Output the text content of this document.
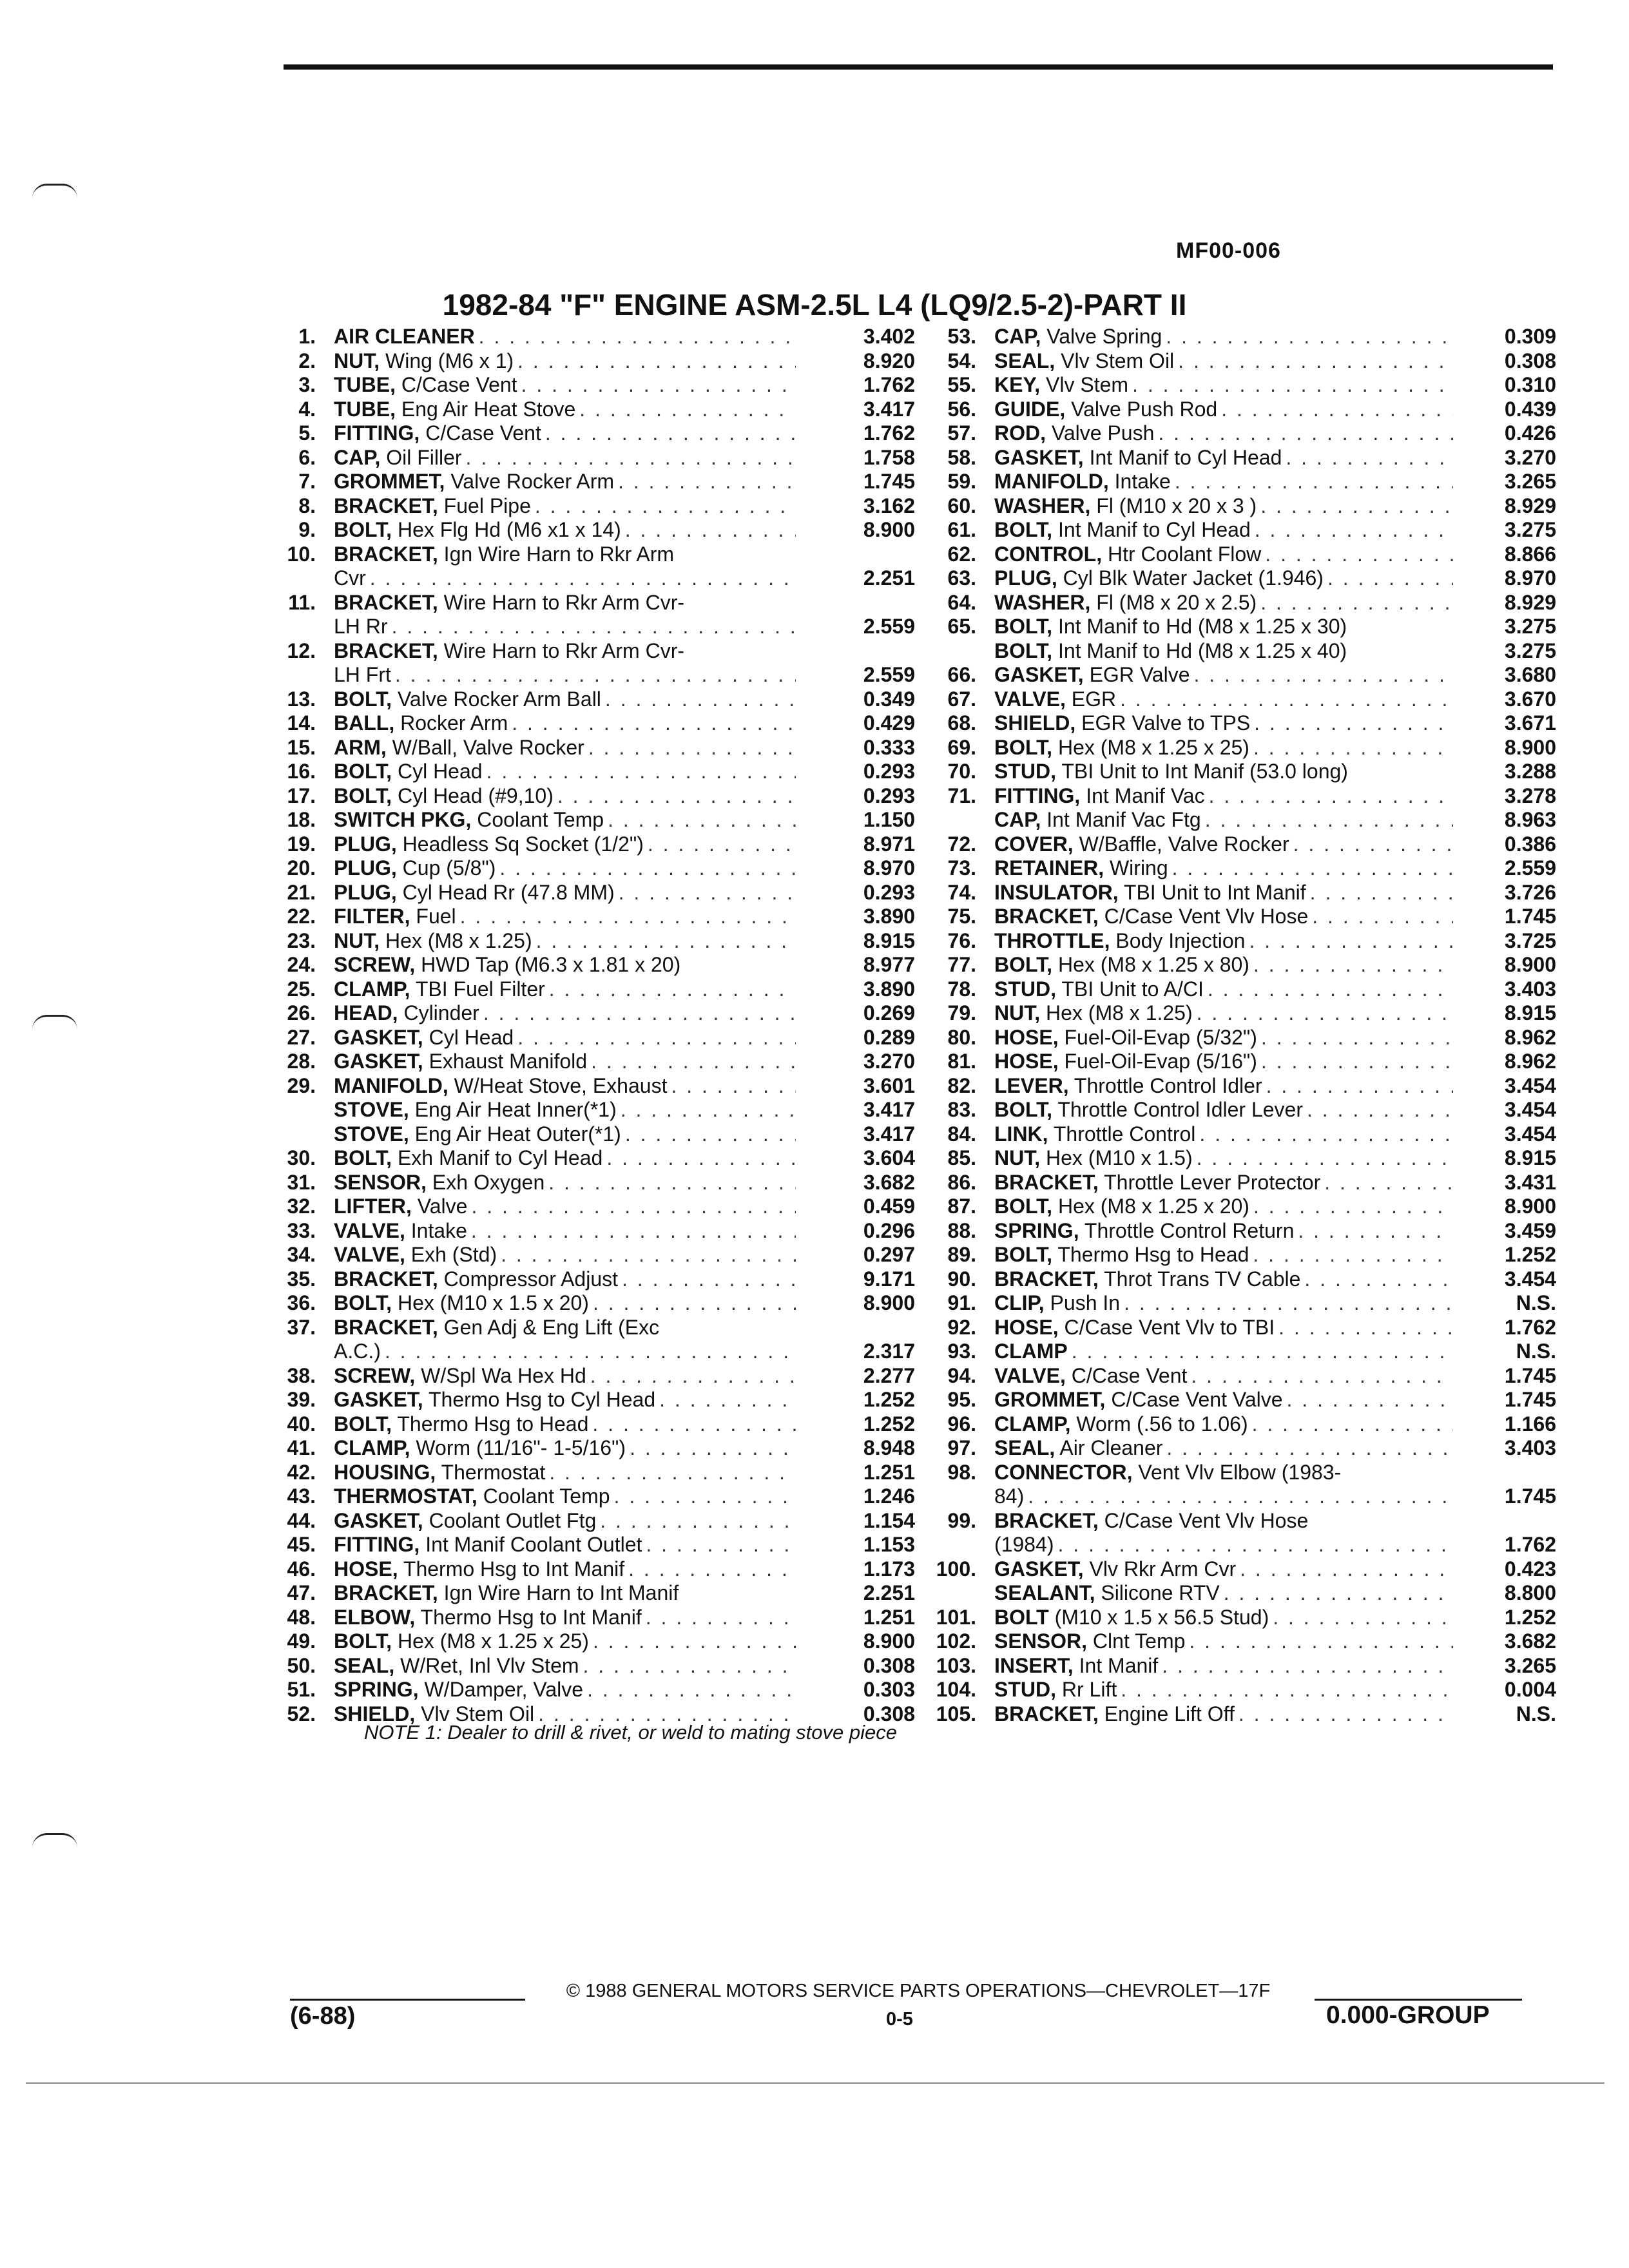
MF00-006
1982-84 "F" ENGINE ASM-2.5L L4 (LQ9/2.5-2)-PART II
1. AIR CLEANER . . .	3.402
2. NUT, Wing (M6 x 1) . . .	8.920
3. TUBE, C/Case Vent . . .	1.762
4. TUBE, Eng Air Heat Stove . . .	3.417
5. FITTING, C/Case Vent . . .	1.762
6. CAP, Oil Filler . . .	1.758
7. GROMMET, Valve Rocker Arm . . .	1.745
8. BRACKET, Fuel Pipe . . .	3.162
9. BOLT, Hex Flg Hd (M6 x1 x 14) . . .	8.900
10. BRACKET, Ign Wire Harn to Rkr Arm
Cvr . . .	2.251
11. BRACKET, Wire Harn to Rkr Arm Cvr-
LH Rr . . .	2.559
12. BRACKET, Wire Harn to Rkr Arm Cvr-
LH Frt . . .	2.559
13. BOLT, Valve Rocker Arm Ball . . .	0.349
14. BALL, Rocker Arm . . .	0.429
15. ARM, W/Ball, Valve Rocker . . .	0.333
16. BOLT, Cyl Head . . .	0.293
17. BOLT, Cyl Head (#9,10) . . .	0.293
18. SWITCH PKG, Coolant Temp . . .	1.150
19. PLUG, Headless Sq Socket (1/2") . . .	8.971
20. PLUG, Cup (5/8") . . .	8.970
21. PLUG, Cyl Head Rr (47.8 MM) . . .	0.293
22. FILTER, Fuel . . .	3.890
23. NUT, Hex (M8 x 1.25) . . .	8.915
24. SCREW, HWD Tap (M6.3 x 1.81 x 20)	8.977
25. CLAMP, TBI Fuel Filter . . .	3.890
26. HEAD, Cylinder . . .	0.269
27. GASKET, Cyl Head . . .	0.289
28. GASKET, Exhaust Manifold . . .	3.270
29. MANIFOLD, W/Heat Stove, Exhaust . . .	3.601
STOVE, Eng Air Heat Inner(*1) . . .	3.417
STOVE, Eng Air Heat Outer(*1) . . .	3.417
30. BOLT, Exh Manif to Cyl Head . . .	3.604
31. SENSOR, Exh Oxygen . . .	3.682
32. LIFTER, Valve . . .	0.459
33. VALVE, Intake . . .	0.296
34. VALVE, Exh (Std) . . .	0.297
35. BRACKET, Compressor Adjust . . .	9.171
36. BOLT, Hex (M10 x 1.5 x 20) . . .	8.900
37. BRACKET, Gen Adj & Eng Lift (Exc
A.C.) . . .	2.317
38. SCREW, W/Spl Wa Hex Hd . . .	2.277
39. GASKET, Thermo Hsg to Cyl Head . . .	1.252
40. BOLT, Thermo Hsg to Head . . .	1.252
41. CLAMP, Worm (11/16"- 1-5/16") . . .	8.948
42. HOUSING, Thermostat . . .	1.251
43. THERMOSTAT, Coolant Temp . . .	1.246
44. GASKET, Coolant Outlet Ftg . . .	1.154
45. FITTING, Int Manif Coolant Outlet . . .	1.153
46. HOSE, Thermo Hsg to Int Manif . . .	1.173
47. BRACKET, Ign Wire Harn to Int Manif	2.251
48. ELBOW, Thermo Hsg to Int Manif . . .	1.251
49. BOLT, Hex (M8 x 1.25 x 25) . . .	8.900
50. SEAL, W/Ret, Inl Vlv Stem . . .	0.308
51. SPRING, W/Damper, Valve . . .	0.303
52. SHIELD, Vlv Stem Oil . . .	0.308
53. CAP, Valve Spring . . .	0.309
54. SEAL, Vlv Stem Oil . . .	0.308
55. KEY, Vlv Stem . . .	0.310
56. GUIDE, Valve Push Rod . . .	0.439
57. ROD, Valve Push . . .	0.426
58. GASKET, Int Manif to Cyl Head . . .	3.270
59. MANIFOLD, Intake . . .	3.265
60. WASHER, Fl (M10 x 20 x 3 ) . . .	8.929
61. BOLT, Int Manif to Cyl Head . . .	3.275
62. CONTROL, Htr Coolant Flow . . .	8.866
63. PLUG, Cyl Blk Water Jacket (1.946) . . .	8.970
64. WASHER, Fl (M8 x 20 x 2.5) . . .	8.929
65. BOLT, Int Manif to Hd (M8 x 1.25 x 30)	3.275
BOLT, Int Manif to Hd (M8 x 1.25 x 40)	3.275
66. GASKET, EGR Valve . . .	3.680
67. VALVE, EGR . . .	3.670
68. SHIELD, EGR Valve to TPS . . .	3.671
69. BOLT, Hex (M8 x 1.25 x 25) . . .	8.900
70. STUD, TBI Unit to Int Manif (53.0 long)	3.288
71. FITTING, Int Manif Vac . . .	3.278
CAP, Int Manif Vac Ftg . . .	8.963
72. COVER, W/Baffle, Valve Rocker . . .	0.386
73. RETAINER, Wiring . . .	2.559
74. INSULATOR, TBI Unit to Int Manif . . .	3.726
75. BRACKET, C/Case Vent Vlv Hose . . .	1.745
76. THROTTLE, Body Injection . . .	3.725
77. BOLT, Hex (M8 x 1.25 x 80) . . .	8.900
78. STUD, TBI Unit to A/CI . . .	3.403
79. NUT, Hex (M8 x 1.25) . . .	8.915
80. HOSE, Fuel-Oil-Evap (5/32") . . .	8.962
81. HOSE, Fuel-Oil-Evap (5/16") . . .	8.962
82. LEVER, Throttle Control Idler . . .	3.454
83. BOLT, Throttle Control Idler Lever . . .	3.454
84. LINK, Throttle Control . . .	3.454
85. NUT, Hex (M10 x 1.5) . . .	8.915
86. BRACKET, Throttle Lever Protector . . .	3.431
87. BOLT, Hex (M8 x 1.25 x 20) . . .	8.900
88. SPRING, Throttle Control Return . . .	3.459
89. BOLT, Thermo Hsg to Head . . .	1.252
90. BRACKET, Throt Trans TV Cable . . .	3.454
91. CLIP, Push In . . .	N.S.
92. HOSE, C/Case Vent Vlv to TBI . . .	1.762
93. CLAMP . . .	N.S.
94. VALVE, C/Case Vent . . .	1.745
95. GROMMET, C/Case Vent Valve . . .	1.745
96. CLAMP, Worm (.56 to 1.06) . . .	1.166
97. SEAL, Air Cleaner . . .	3.403
98. CONNECTOR, Vent Vlv Elbow (1983-
84) . . .	1.745
99. BRACKET, C/Case Vent Vlv Hose
(1984) . . .	1.762
100. GASKET, Vlv Rkr Arm Cvr . . .	0.423
SEALANT, Silicone RTV . . .	8.800
101. BOLT (M10 x 1.5 x 56.5 Stud) . . .	1.252
102. SENSOR, Clnt Temp . . .	3.682
103. INSERT, Int Manif . . .	3.265
104. STUD, Rr Lift . . .	0.004
105. BRACKET, Engine Lift Off . . .	N.S.
NOTE 1: Dealer to drill & rivet, or weld to mating stove piece
© 1988 GENERAL MOTORS SERVICE PARTS OPERATIONS—CHEVROLET—17F
(6-88)	0-5	0.000-GROUP
